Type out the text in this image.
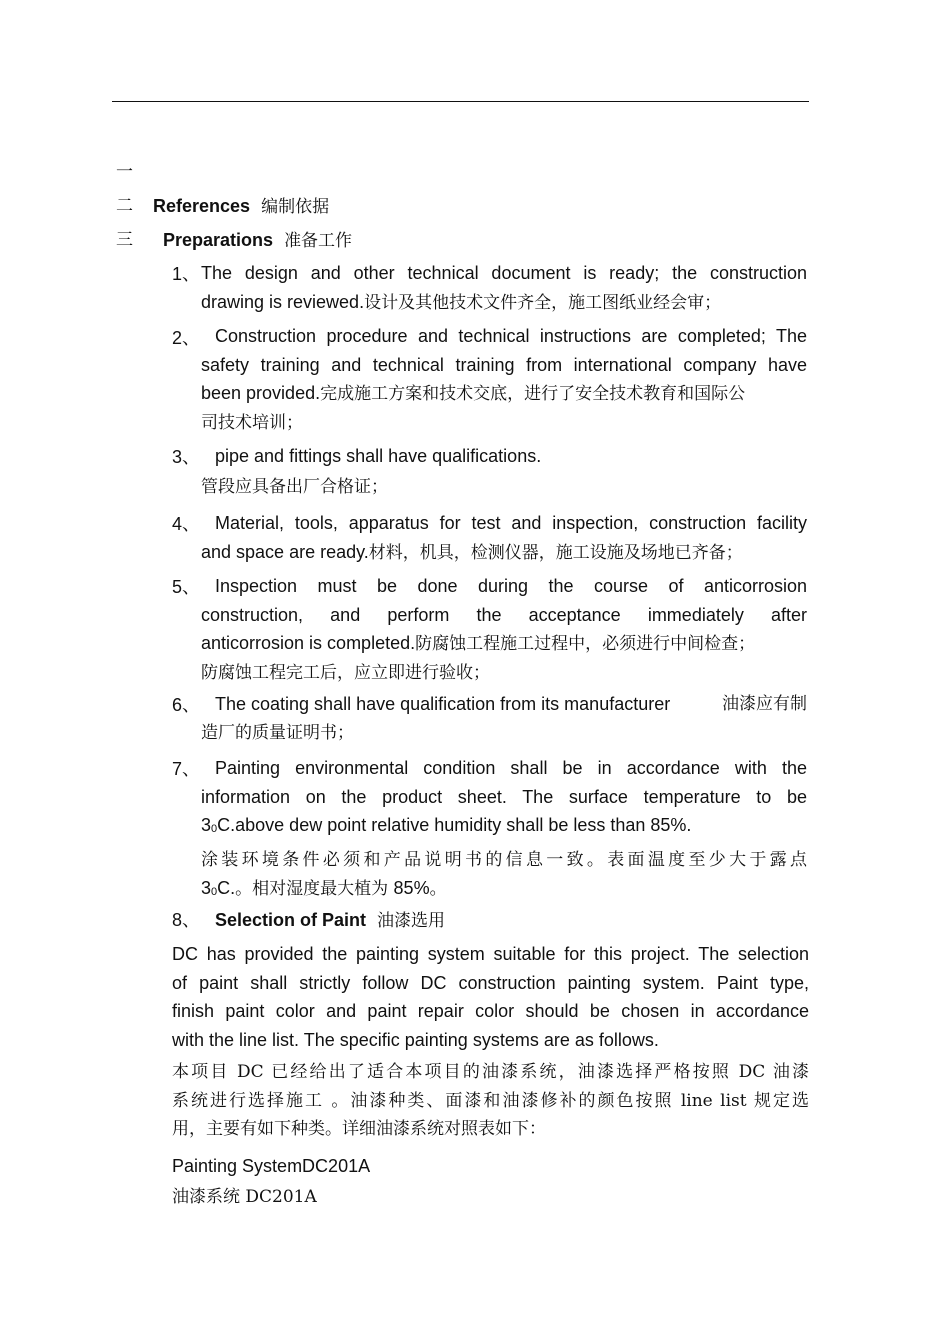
一
二 References 编制依据
三 Preparations 准备工作
1、 The design and other technical document is ready; the construction
drawing is reviewed.设计及其他技术文件齐全，施工图纸业经会审；
2、 Construction procedure and technical instructions are completed; The
safety training and technical training from international company have
been provided.完成施工方案和技术交底，进行了安全技术教育和国际公
司技术培训；
3、 pipe and fittings shall have qualifications.
管段应具备出厂合格证；
4、 Material, tools, apparatus for test and inspection, construction facility
and space are ready.材料，机具，检测仪器，施工设施及场地已齐备；
5、 Inspection must be done during the course of anticorrosion
construction, and perform the acceptance immediately after
anticorrosion is completed.防腐蚀工程施工过程中，必须进行中间检查；
防腐蚀工程完工后，应立即进行验收；
6、 The coating shall have qualification from its manufacturer	油漆应有制
造厂的质量证明书；
7、 Painting environmental condition shall be in accordance with the
information on the product sheet. The surface temperature to be
30C.above dew point relative humidity shall be less than 85%.
涂装环境条件必须和产品说明书的信息一致。表面温度至少大于露点
30C.。相对湿度最大植为 85%。
8、 Selection of Paint 油漆选用
DC has provided the painting system suitable for this project. The selection
of paint shall strictly follow DC construction painting system. Paint type,
finish paint color and paint repair color should be chosen in accordance
with the line list. The specific painting systems are as follows.
本项目 DC 已经给出了适合本项目的油漆系统，油漆选择严格按照 DC 油漆
系统进行选择施工 。油漆种类、面漆和油漆修补的颜色按照 line list 规定选
用，主要有如下种类。详细油漆系统对照表如下：
Painting SystemDC201A
油漆系统 DC201A
